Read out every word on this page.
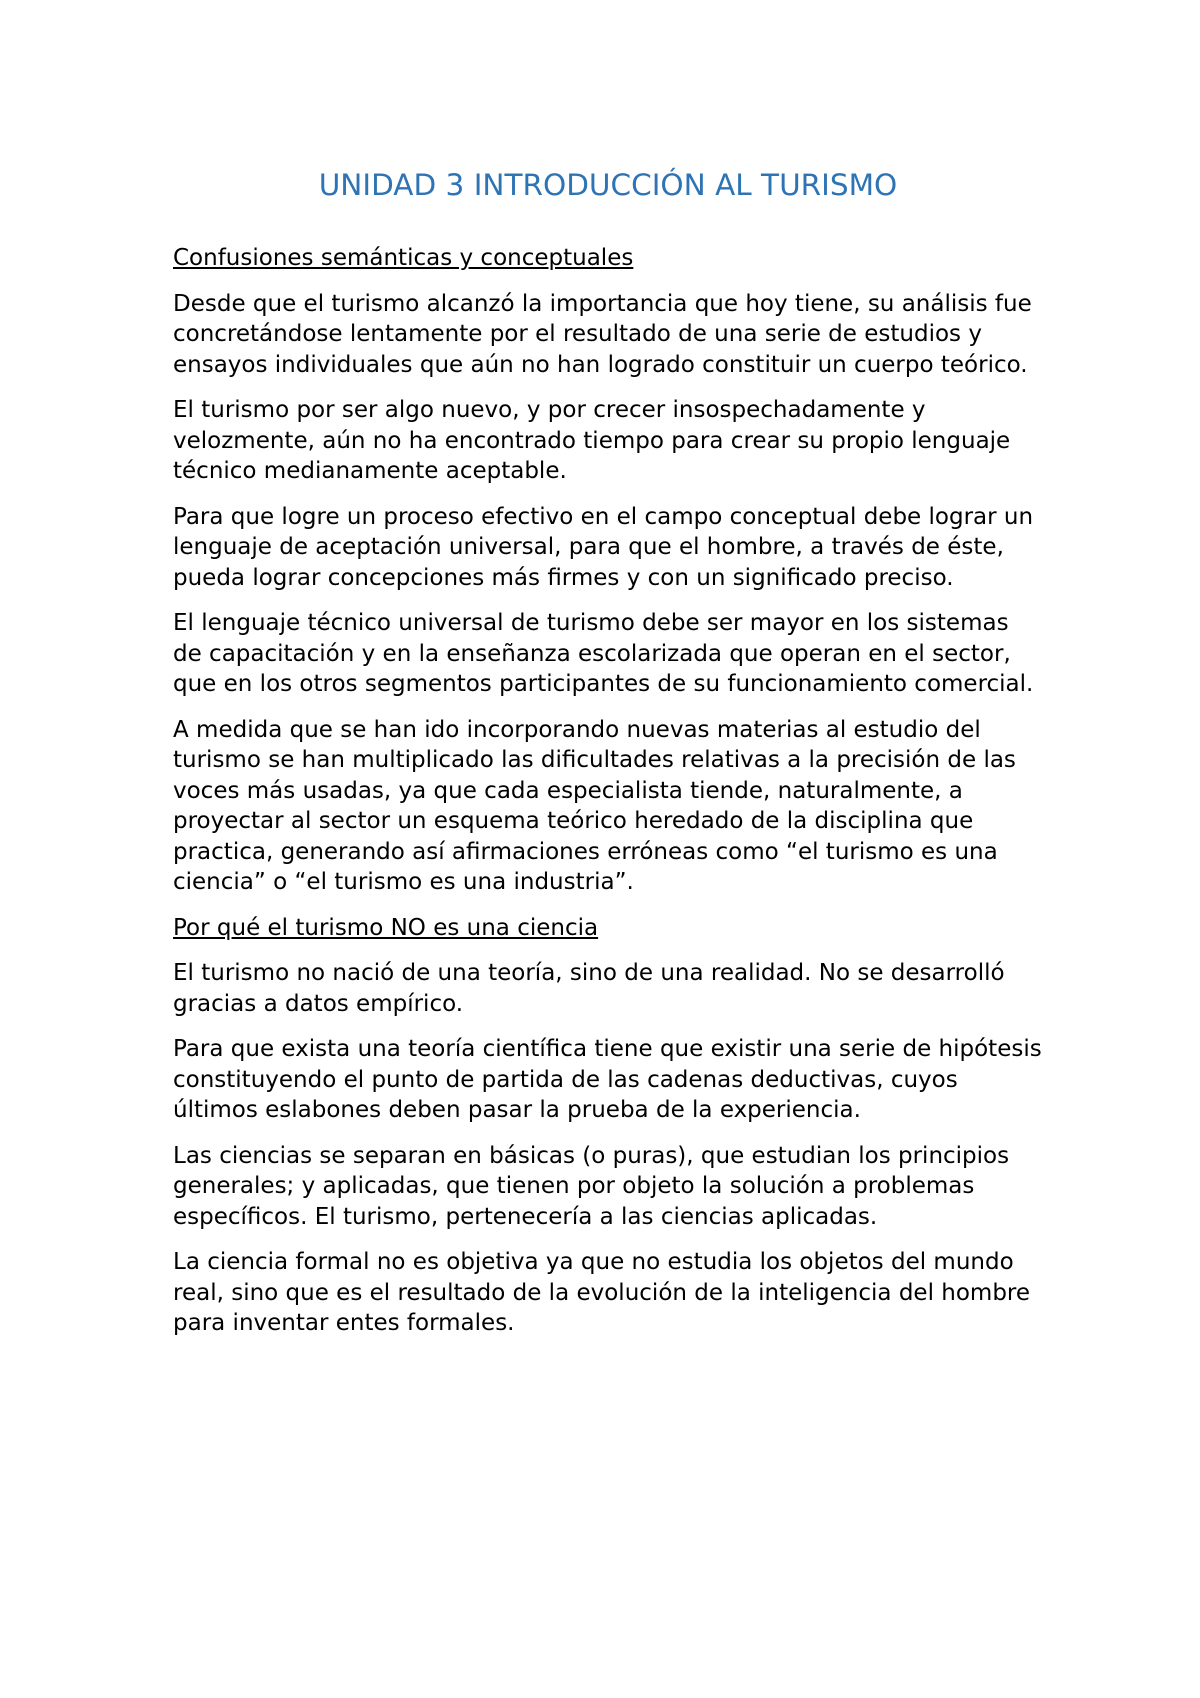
UNIDAD 3 INTRODUCCIÓN AL TURISMO
Confusiones semánticas y conceptuales

Desde que el turismo alcanzó la importancia que hoy tiene, su análisis fue concretándose lentamente por el resultado de una serie de estudios y ensayos individuales que aún no han logrado constituir un cuerpo teórico.

El turismo por ser algo nuevo, y por crecer insospechadamente y velozmente, aún no ha encontrado tiempo para crear su propio lenguaje técnico medianamente aceptable.

Para que logre un proceso efectivo en el campo conceptual debe lograr un lenguaje de aceptación universal, para que el hombre, a través de éste, pueda lograr concepciones más firmes y con un significado preciso.

El lenguaje técnico universal de turismo debe ser mayor en los sistemas de capacitación y en la enseñanza escolarizada que operan en el sector, que en los otros segmentos participantes de su funcionamiento comercial.

A medida que se han ido incorporando nuevas materias al estudio del turismo se han multiplicado las dificultades relativas a la precisión de las voces más usadas, ya que cada especialista tiende, naturalmente, a proyectar al sector un esquema teórico heredado de la disciplina que practica, generando así afirmaciones erróneas como “el turismo es una ciencia” o “el turismo es una industria”.

Por qué el turismo NO es una ciencia

El turismo no nació de una teoría, sino de una realidad. No se desarrolló gracias a datos empírico.

Para que exista una teoría científica tiene que existir una serie de hipótesis constituyendo el punto de partida de las cadenas deductivas, cuyos últimos eslabones deben pasar la prueba de la experiencia.

Las ciencias se separan en básicas (o puras), que estudian los principios generales; y aplicadas, que tienen por objeto la solución a problemas específicos. El turismo, pertenecería a las ciencias aplicadas.

La ciencia formal no es objetiva ya que no estudia los objetos del mundo real, sino que es el resultado de la evolución de la inteligencia del hombre para inventar entes formales.
